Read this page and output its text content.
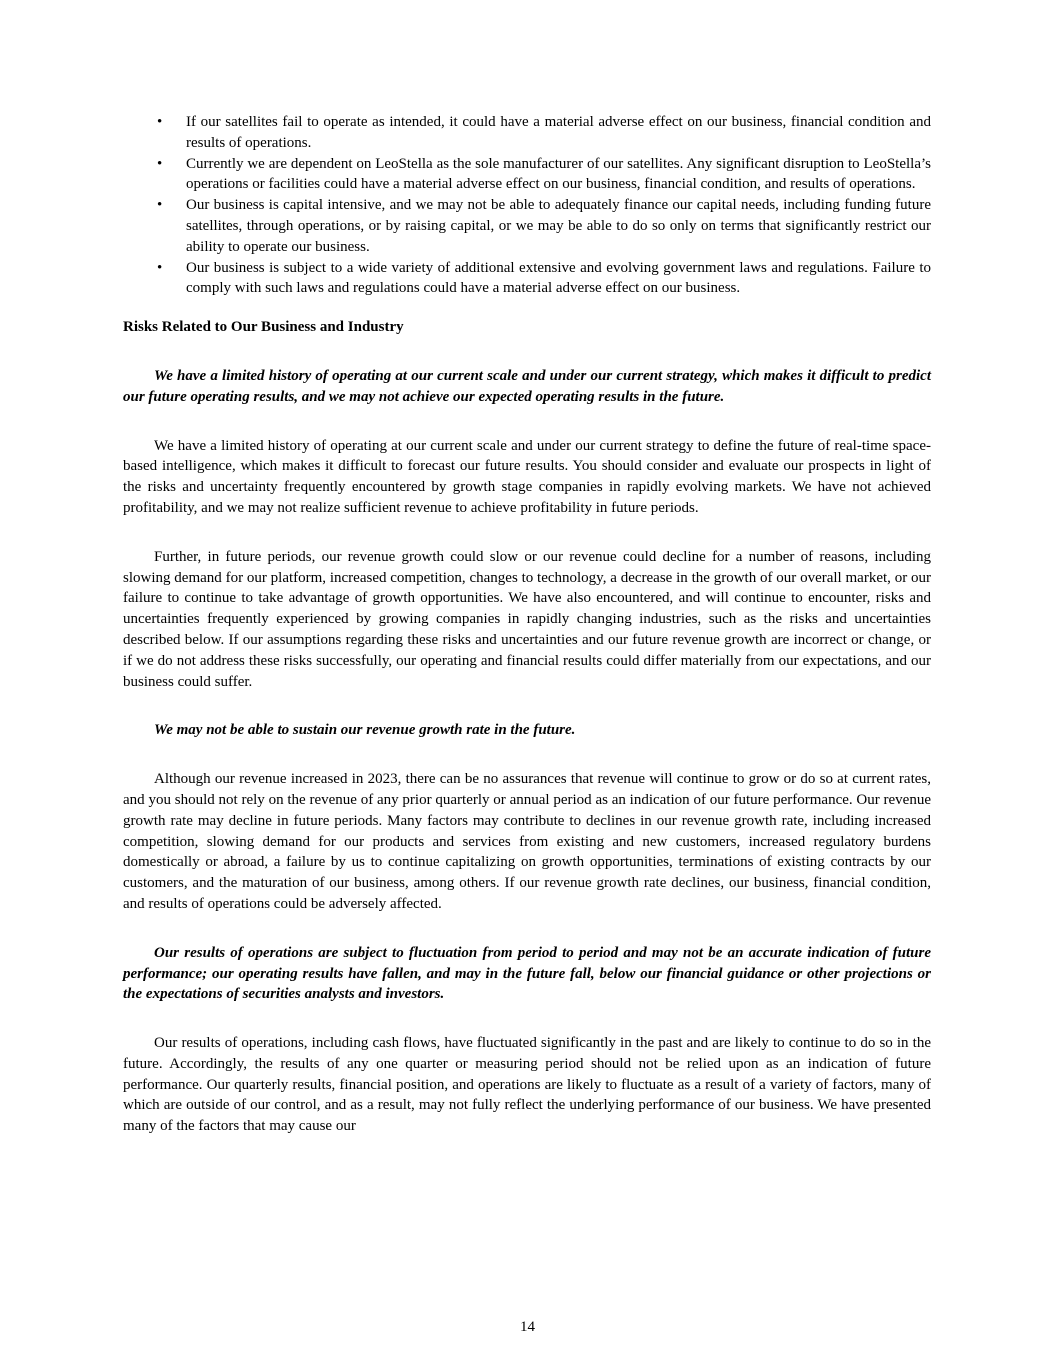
• If our satellites fail to operate as intended, it could have a material adverse effect on our business, financial condition and results of operations.
• Currently we are dependent on LeoStella as the sole manufacturer of our satellites. Any significant disruption to LeoStella’s operations or facilities could have a material adverse effect on our business, financial condition, and results of operations.
• Our business is capital intensive, and we may not be able to adequately finance our capital needs, including funding future satellites, through operations, or by raising capital, or we may be able to do so only on terms that significantly restrict our ability to operate our business.
• Our business is subject to a wide variety of additional extensive and evolving government laws and regulations. Failure to comply with such laws and regulations could have a material adverse effect on our business.
Risks Related to Our Business and Industry

We have a limited history of operating at our current scale and under our current strategy, which makes it difficult to predict our future operating results, and we may not achieve our expected operating results in the future.

We have a limited history of operating at our current scale and under our current strategy to define the future of real-time space-based intelligence, which makes it difficult to forecast our future results. You should consider and evaluate our prospects in light of the risks and uncertainty frequently encountered by growth stage companies in rapidly evolving markets. We have not achieved profitability, and we may not realize sufficient revenue to achieve profitability in future periods.

Further, in future periods, our revenue growth could slow or our revenue could decline for a number of reasons, including slowing demand for our platform, increased competition, changes to technology, a decrease in the growth of our overall market, or our failure to continue to take advantage of growth opportunities. We have also encountered, and will continue to encounter, risks and uncertainties frequently experienced by growing companies in rapidly changing industries, such as the risks and uncertainties described below. If our assumptions regarding these risks and uncertainties and our future revenue growth are incorrect or change, or if we do not address these risks successfully, our operating and financial results could differ materially from our expectations, and our business could suffer.

We may not be able to sustain our revenue growth rate in the future.

Although our revenue increased in 2023, there can be no assurances that revenue will continue to grow or do so at current rates, and you should not rely on the revenue of any prior quarterly or annual period as an indication of our future performance. Our revenue growth rate may decline in future periods. Many factors may contribute to declines in our revenue growth rate, including increased competition, slowing demand for our products and services from existing and new customers, increased regulatory burdens domestically or abroad, a failure by us to continue capitalizing on growth opportunities, terminations of existing contracts by our customers, and the maturation of our business, among others. If our revenue growth rate declines, our business, financial condition, and results of operations could be adversely affected.

Our results of operations are subject to fluctuation from period to period and may not be an accurate indication of future performance; our operating results have fallen, and may in the future fall, below our financial guidance or other projections or the expectations of securities analysts and investors.

Our results of operations, including cash flows, have fluctuated significantly in the past and are likely to continue to do so in the future. Accordingly, the results of any one quarter or measuring period should not be relied upon as an indication of future performance. Our quarterly results, financial position, and operations are likely to fluctuate as a result of a variety of factors, many of which are outside of our control, and as a result, may not fully reflect the underlying performance of our business. We have presented many of the factors that may cause our

14
